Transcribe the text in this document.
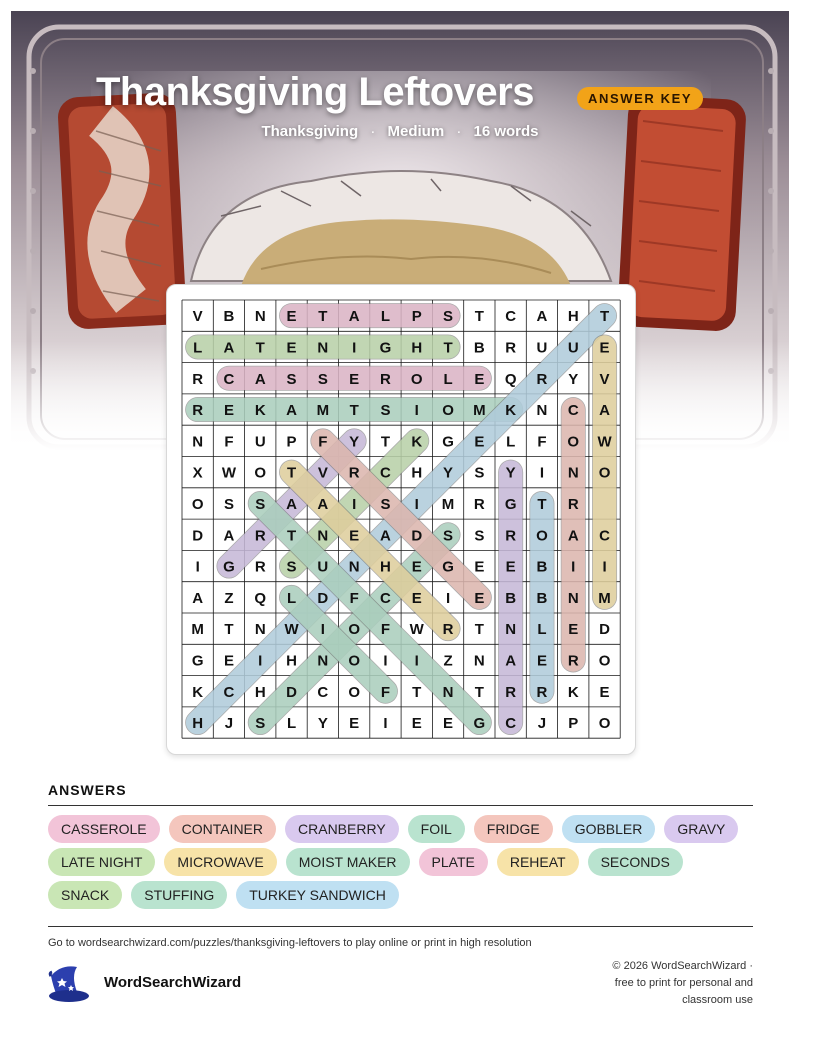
Thanksgiving Leftovers	ANSWER KEY
Thanksgiving · Medium · 16 words
V B N E T A L P S T C A H T
L A T E N I G H T B R U U E
R C A S S E R O L E Q R Y V
R E K A M T S I O M K N C A
N F U P F Y T K G E L F O W
X W O T V R C H Y S Y I N O
O S S A A I S I M R G T R
D A R T N E A D S S R O A C
I G R S U N H E G E E B I I
A Z Q L D F C E I E B B N M
M T N W I O F W R T N L E D
G E I H N O I I Z N A E R O
K C H D C O F T N T R R K E
H J S L Y E I E E G C J P O
ANSWERS
CASSEROLE	CONTAINER	CRANBERRY	FOIL	FRIDGE	GOBBLER	GRAVYLATE NIGHT	MICROWAVE	MOIST MAKER	PLATE	REHEAT	SECONDSSNACK	STUFFING	TURKEY SANDWICH
Go to wordsearchwizard.com/puzzles/thanksgiving-leftovers to play online or print in high resolution
WordSearchWizard
© 2026 WordSearchWizard ·
free to print for personal and
classroom use
